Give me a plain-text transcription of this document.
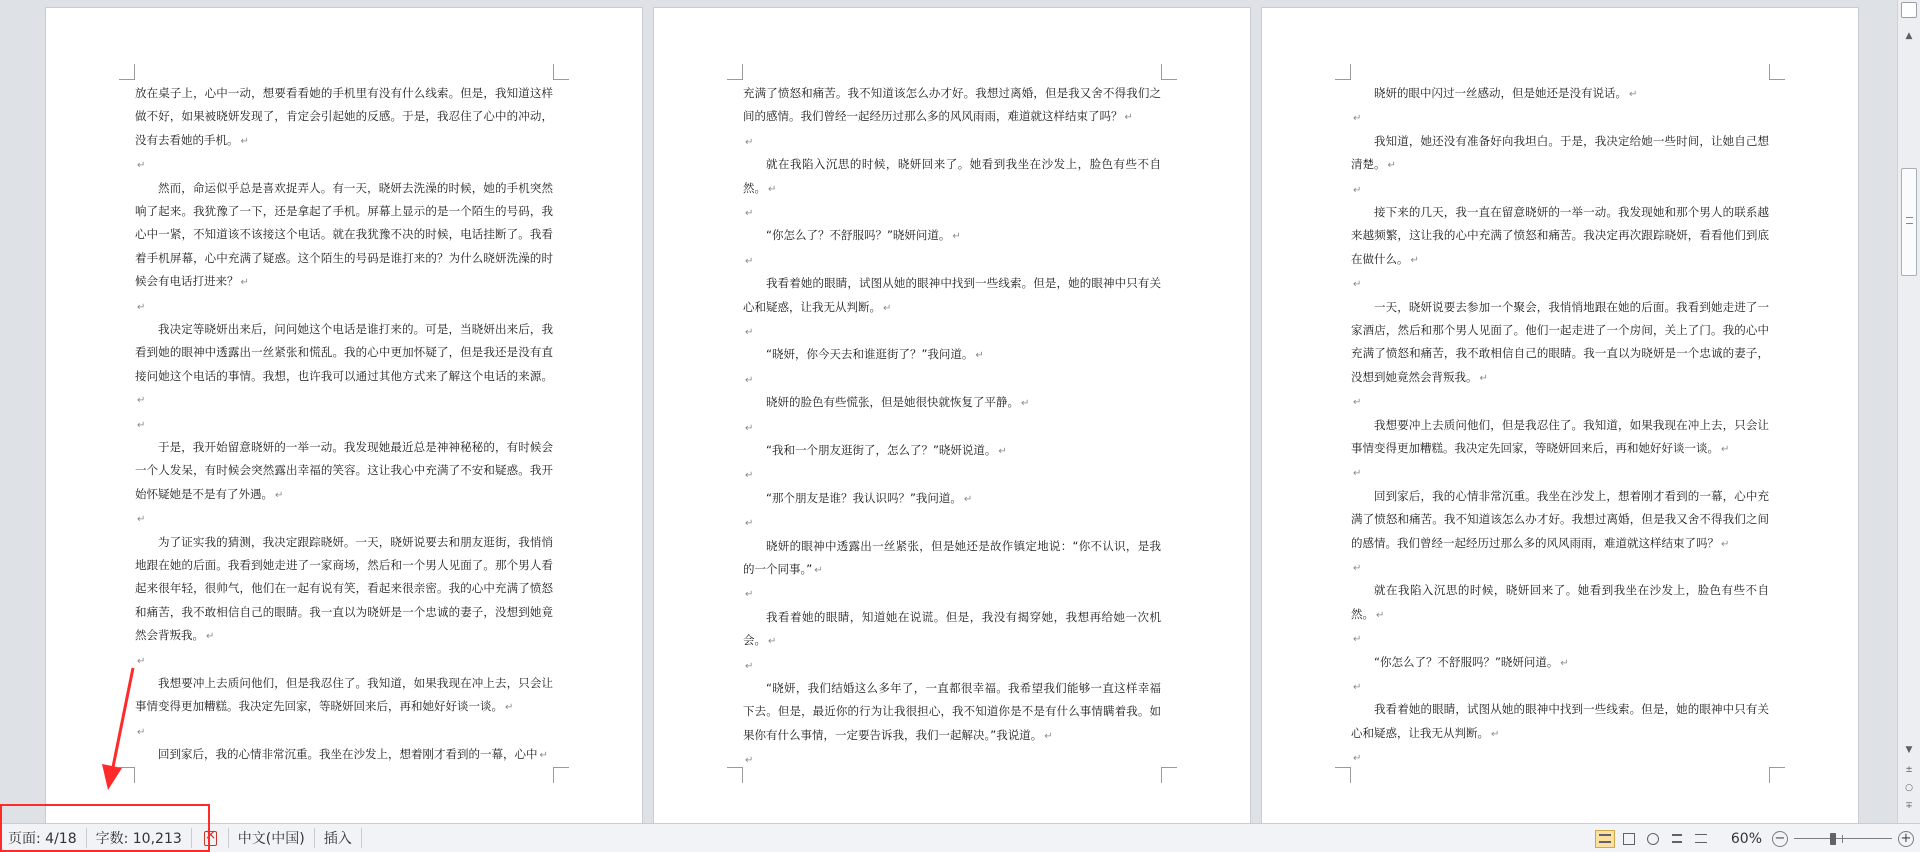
放在桌子上，心中一动，想要看看她的手机里有没有什么线索。但是，我知道这样做不好，如果被晓妍发现了，肯定会引起她的反感。于是，我忍住了心中的冲动，没有去看她的手机。 ↵
↵
然而，命运似乎总是喜欢捉弄人。有一天，晓妍去洗澡的时候，她的手机突然响了起来。我犹豫了一下，还是拿起了手机。屏幕上显示的是一个陌生的号码，我心中一紧，不知道该不该接这个电话。就在我犹豫不决的时候，电话挂断了。我看着手机屏幕，心中充满了疑惑。这个陌生的号码是谁打来的？为什么晓妍洗澡的时候会有电话打进来？ ↵
↵
我决定等晓妍出来后，问问她这个电话是谁打来的。可是，当晓妍出来后，我看到她的眼神中透露出一丝紧张和慌乱。我的心中更加怀疑了，但是我还是没有直接问她这个电话的事情。我想，也许我可以通过其他方式来了解这个电话的来源。↵
↵
于是，我开始留意晓妍的一举一动。我发现她最近总是神神秘秘的，有时候会一个人发呆，有时候会突然露出幸福的笑容。这让我心中充满了不安和疑惑。我开始怀疑她是不是有了外遇。 ↵
↵
为了证实我的猜测，我决定跟踪晓妍。一天，晓妍说要去和朋友逛街，我悄悄地跟在她的后面。我看到她走进了一家商场，然后和一个男人见面了。那个男人看起来很年轻，很帅气，他们在一起有说有笑，看起来很亲密。我的心中充满了愤怒和痛苦，我不敢相信自己的眼睛。我一直以为晓妍是一个忠诚的妻子，没想到她竟然会背叛我。 ↵
↵
我想要冲上去质问他们，但是我忍住了。我知道，如果我现在冲上去，只会让事情变得更加糟糕。我决定先回家，等晓妍回来后，再和她好好谈一谈。 ↵
↵
回到家后，我的心情非常沉重。我坐在沙发上，想着刚才看到的一幕，心中 ↵
充满了愤怒和痛苦。我不知道该怎么办才好。我想过离婚，但是我又舍不得我们之间的感情。我们曾经一起经历过那么多的风风雨雨，难道就这样结束了吗？ ↵
↵
就在我陷入沉思的时候，晓妍回来了。她看到我坐在沙发上，脸色有些不自然。 ↵
↵
“你怎么了？不舒服吗？”晓妍问道。 ↵
↵
我看着她的眼睛，试图从她的眼神中找到一些线索。但是，她的眼神中只有关心和疑惑，让我无从判断。 ↵
↵
“晓妍，你今天去和谁逛街了？”我问道。 ↵
↵
晓妍的脸色有些慌张，但是她很快就恢复了平静。 ↵
↵
“我和一个朋友逛街了，怎么了？”晓妍说道。 ↵
↵
“那个朋友是谁？我认识吗？”我问道。 ↵
↵
晓妍的眼神中透露出一丝紧张，但是她还是故作镇定地说：“你不认识，是我的一个同事。” ↵
↵
我看着她的眼睛，知道她在说谎。但是，我没有揭穿她，我想再给她一次机会。 ↵
↵
“晓妍，我们结婚这么多年了，一直都很幸福。我希望我们能够一直这样幸福下去。但是，最近你的行为让我很担心，我不知道你是不是有什么事情瞒着我。如果你有什么事情，一定要告诉我，我们一起解决。”我说道。 ↵
↵
晓妍的眼中闪过一丝感动，但是她还是没有说话。 ↵
↵
我知道，她还没有准备好向我坦白。于是，我决定给她一些时间，让她自己想清楚。 ↵
↵
接下来的几天，我一直在留意晓妍的一举一动。我发现她和那个男人的联系越来越频繁，这让我的心中充满了愤怒和痛苦。我决定再次跟踪晓妍，看看他们到底在做什么。 ↵
↵
一天，晓妍说要去参加一个聚会，我悄悄地跟在她的后面。我看到她走进了一家酒店，然后和那个男人见面了。他们一起走进了一个房间，关上了门。我的心中充满了愤怒和痛苦，我不敢相信自己的眼睛。我一直以为晓妍是一个忠诚的妻子，没想到她竟然会背叛我。 ↵
↵
我想要冲上去质问他们，但是我忍住了。我知道，如果我现在冲上去，只会让事情变得更加糟糕。我决定先回家，等晓妍回来后，再和她好好谈一谈。 ↵
↵
回到家后，我的心情非常沉重。我坐在沙发上，想着刚才看到的一幕，心中充满了愤怒和痛苦。我不知道该怎么办才好。我想过离婚，但是我又舍不得我们之间的感情。我们曾经一起经历过那么多的风风雨雨，难道就这样结束了吗？ ↵
↵
就在我陷入沉思的时候，晓妍回来了。她看到我坐在沙发上，脸色有些不自然。 ↵
↵
“你怎么了？不舒服吗？”晓妍问道。 ↵
↵
我看着她的眼睛，试图从她的眼神中找到一些线索。但是，她的眼神中只有关心和疑惑，让我无从判断。 ↵
↵
▲
▼
±
○
∓
页面: 4/18	字数: 10,213
×	中文(中国)	插入	60% −	+
